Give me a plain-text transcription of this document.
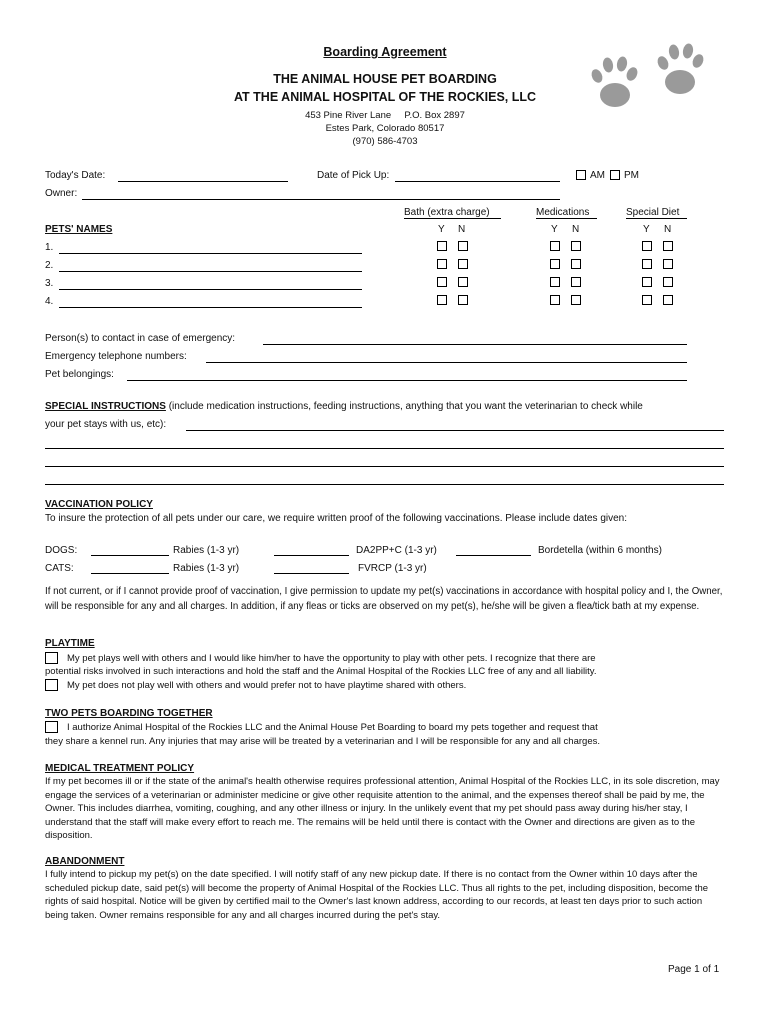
Boarding Agreement
THE ANIMAL HOUSE PET BOARDING
AT THE ANIMAL HOSPITAL OF THE ROCKIES, LLC
453 Pine River Lane     P.O. Box 2897
Estes Park, Colorado 80517
(970) 586-4703
Today's Date:	Date of Pick Up:	AM PM
Owner:
Bath (extra charge)	Medications	Special Diet
PETS' NAMES	Y N	Y N	Y N
1.
2.
3.
4.
Person(s) to contact in case of emergency:
Emergency telephone numbers:
Pet belongings:
SPECIAL INSTRUCTIONS (include medication instructions, feeding instructions, anything that you want the veterinarian to check while
your pet stays with us, etc):
VACCINATION POLICY
To insure the protection of all pets under our care, we require written proof of the following vaccinations. Please include dates given:
DOGS:	Rabies (1-3 yr)	DA2PP+C (1-3 yr)	Bordetella (within 6 months)
CATS:	Rabies (1-3 yr)	FVRCP (1-3 yr)
If not current, or if I cannot provide proof of vaccination, I give permission to update my pet(s) vaccinations in accordance with hospital policy and I, the Owner, will be responsible for any and all charges. In addition, if any fleas or ticks are observed on my pet(s), he/she will be given a flea/tick bath at my expense.
PLAYTIME
My pet plays well with others and I would like him/her to have the opportunity to play with other pets. I recognize that there are
potential risks involved in such interactions and hold the staff and the Animal Hospital of the Rockies LLC free of any and all liability.
My pet does not play well with others and would prefer not to have playtime shared with others.
TWO PETS BOARDING TOGETHER
I authorize Animal Hospital of the Rockies LLC and the Animal House Pet Boarding to board my pets together and request that
they share a kennel run. Any injuries that may arise will be treated by a veterinarian and I will be responsible for any and all charges.
MEDICAL TREATMENT POLICY
If my pet becomes ill or if the state of the animal's health otherwise requires professional attention, Animal Hospital of the Rockies LLC, in its sole discretion, may engage the services of a veterinarian or administer medicine or give other requisite attention to the animal, and the expenses thereof shall be paid by me, the Owner. This includes diarrhea, vomiting, coughing, and any other illness or injury. In the unlikely event that my pet should pass away during his/her stay, I understand that the staff will make every effort to reach me. The remains will be held until there is contact with the Owner and directions are given as to the disposition.
ABANDONMENT
I fully intend to pickup my pet(s) on the date specified. I will notify staff of any new pickup date. If there is no contact from the Owner within 10 days after the scheduled pickup date, said pet(s) will become the property of Animal Hospital of the Rockies LLC. Thus all rights to the pet, including disposition, become the rights of said hospital. Notice will be given by certified mail to the Owner's last known address, according to our records, at least ten days prior to such action being taken. Owner remains responsible for any and all charges incurred during the pet's stay.
Page 1 of 1
